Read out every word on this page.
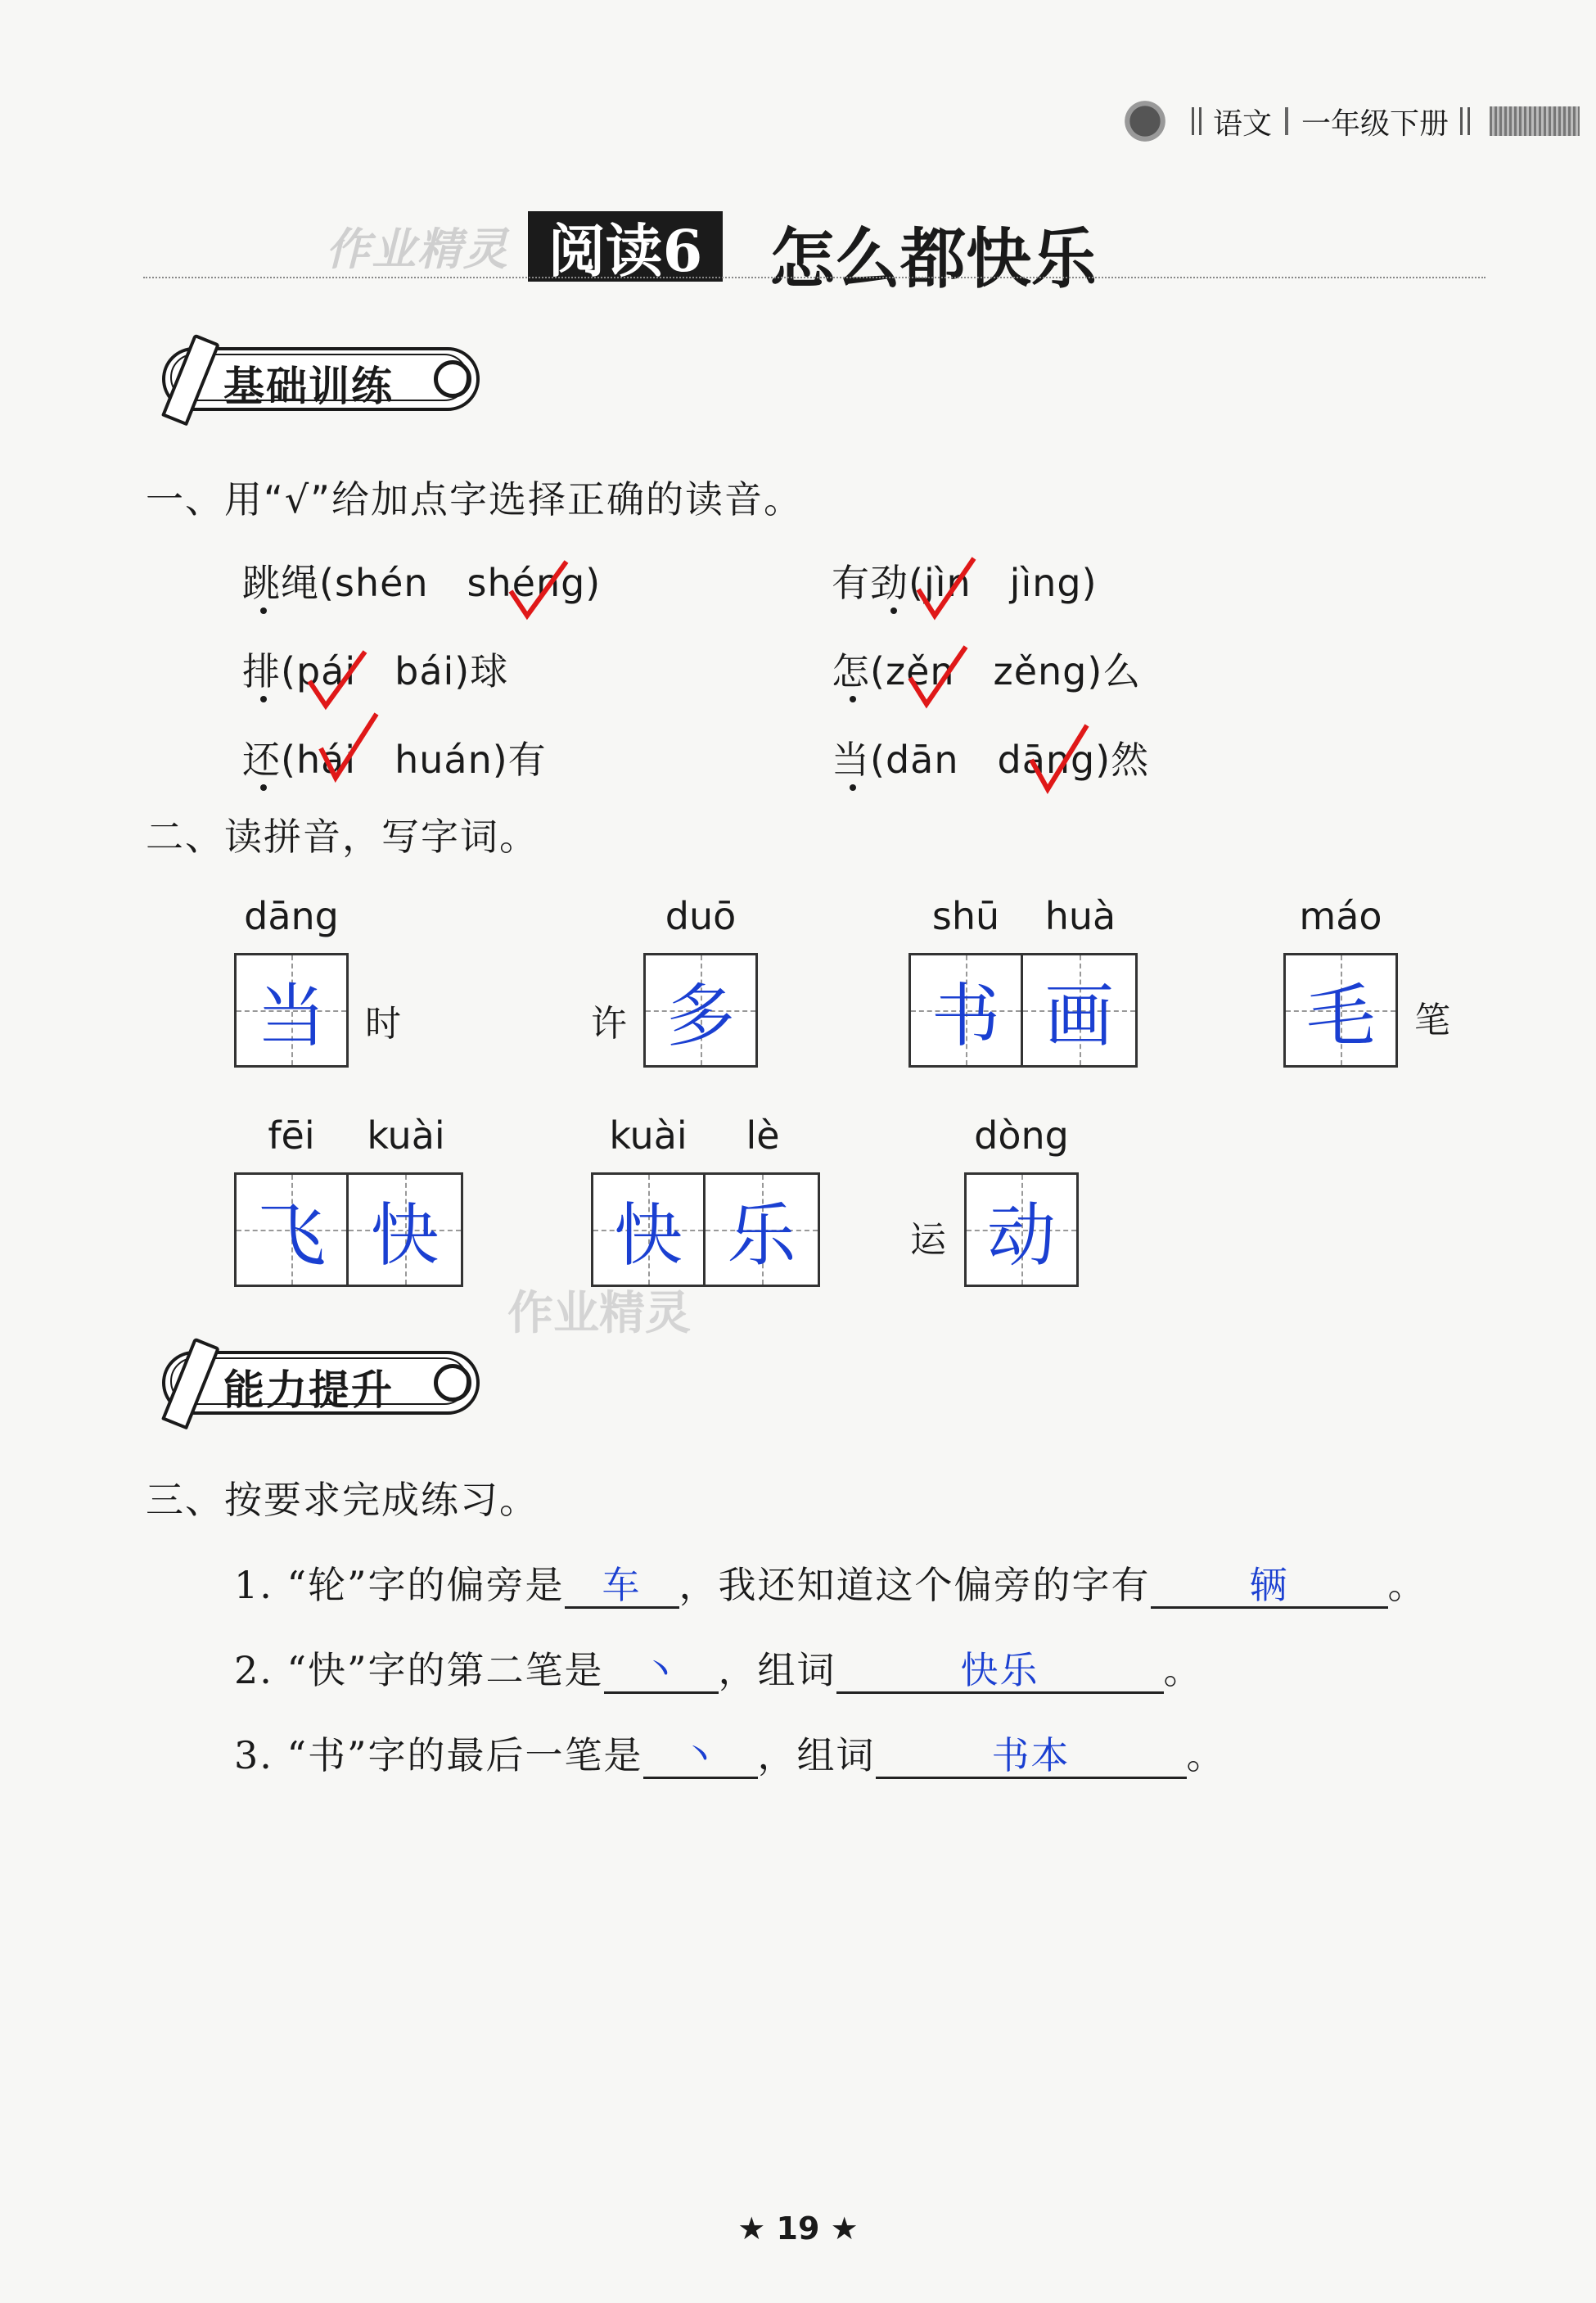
语文 一年级下册
作业精灵 阅读6	怎么都快乐
基础训练
一、用“√”给加点字选择正确的读音。
跳绳(shén　shéng)	有劲(jìn　jìng)
排(pái　bái)球	怎(zěn　zěng)么
还(hái　huán)有	当(dān　dāng)然
二、读拼音，写字词。
dāng
当	时	许
duō
多
shū	huà
书 画
máo
毛	笔
fēi	kuài
飞 快
kuài	lè
快 乐	运
dòng
动
作业精灵
能力提升
三、按要求完成练习。
1. “轮”字的偏旁是 车 ，我还知道这个偏旁的字有	辆	。
2. “快”字的第二笔是 丶 ，组词	快乐	。
3. “书”字的最后一笔是 丶 ，组词	书本	。
★ 19 ★
